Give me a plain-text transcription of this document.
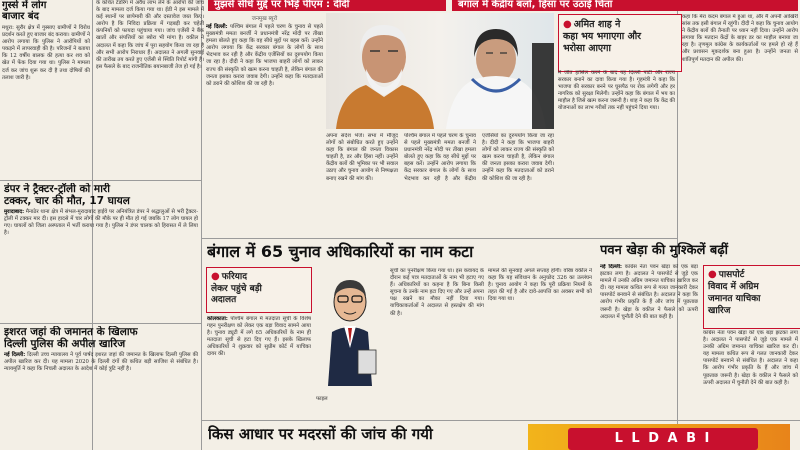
गुस्से में लोग
बाजार बंद

मथुरा: सुरौर क्षेत्र में गुस्साए ग्रामीणों ने विरोध प्रदर्शन करते हुए बाजार बंद कराया। ग्रामीणों ने आरोप लगाया कि पुलिस ने आरोपियों को पकड़ने में लापरवाही की है। परिजनों ने बताया कि 12 वर्षीय बालक की हत्या कर शव को खेत में फेंक दिया गया था। पुलिस ने मामला दर्ज कर जांच शुरू कर दी है तथा दोषियों की तलाश जारी है।

के कथित टेंडरिंग में अवैध लाभ लेने के आरोपों की जांच के बाद मामला दर्ज किया गया था। ईडी ने इस मामले में कई स्थानों पर छापेमारी की और दस्तावेज जब्त किए। आरोप है कि निविदा प्रक्रिया में गड़बड़ी कर चहेती कंपनियों को फायदा पहुंचाया गया। जांच एजेंसी ने बैंक खातों और संपत्तियों का ब्योरा भी मांगा है। वकील ने अदालत में कहा कि जांच में पूरा सहयोग किया जा रहा है और सभी आरोप निराधार हैं। अदालत ने अगली सुनवाई की तारीख तय करते हुए एजेंसी से स्थिति रिपोर्ट मांगी है। इस फैसले के बाद राजनीतिक बयानबाजी तेज हो गई है।

डंपर ने ट्रैक्टर-ट्रॉली को मारी
टक्कर, चार की मौत, 17 घायल

मुरादाबाद: मैनाठेर थाना क्षेत्र में संभल-मुरादाबाद हाईवे पर अनियंत्रित डंपर ने श्रद्धालुओं से भरी ट्रैक्टर-ट्रॉली में टक्कर मार दी। इस हादसे में चार लोगों की मौके पर ही मौत हो गई जबकि 17 लोग घायल हो गए। घायलों को जिला अस्पताल में भर्ती कराया गया है। पुलिस ने डंपर चालक को हिरासत में ले लिया है।

इशरत जहां की जमानत के खिलाफ
दिल्ली पुलिस की अपील खारिज

नई दिल्ली: दिल्ली उच्च न्यायालय ने पूर्व पार्षद इशरत जहां की जमानत के खिलाफ दिल्ली पुलिस की अपील खारिज कर दी। यह मामला 2020 के दिल्ली दंगों की कथित बड़ी साजिश से संबंधित है। न्यायमूर्ति ने कहा कि निचली अदालत के आदेश में कोई त्रुटि नहीं है।

मुझसे सीधे मुद्दे पर भिड़ें पीएम : दीदी	बंगाल में केंद्रीय बलों, हिंसा पर उठाई चिंता
जनमुख ब्यूरो

नई दिल्ली: पश्चिम बंगाल में पहले चरण के चुनाव से पहले मुख्यमंत्री ममता बनर्जी ने प्रधानमंत्री नरेंद्र मोदी पर तीखा हमला बोलते हुए कहा कि वह सीधे मुद्दों पर बहस करें। उन्होंने आरोप लगाया कि केंद्र सरकार बंगाल के लोगों के साथ भेदभाव कर रही है और केंद्रीय एजेंसियों का दुरुपयोग किया जा रहा है। दीदी ने कहा कि भाजपा बाहरी लोगों को लाकर राज्य की संस्कृति को खत्म करना चाहती है, लेकिन बंगाल की जनता इसका करारा जवाब देगी। उन्होंने कहा कि मतदाताओं को डराने की कोशिश की जा रही है।

अपना संदेश भेजें। सभा में मौजूद लोगों को संबोधित करते हुए उन्होंने कहा कि बंगाल की जनता विकास चाहती है, डर और हिंसा नहीं। उन्होंने केंद्रीय बलों की भूमिका पर भी सवाल उठाए और चुनाव आयोग से निष्पक्षता बनाए रखने की मांग की।

पश्चिम बंगाल में पहले चरण के चुनाव से पहले मुख्यमंत्री ममता बनर्जी ने प्रधानमंत्री नरेंद्र मोदी पर तीखा हमला बोलते हुए कहा कि वह सीधे मुद्दों पर बहस करें। उन्होंने आरोप लगाया कि केंद्र सरकार बंगाल के लोगों के साथ भेदभाव कर रही है और केंद्रीय एजेंसियों का दुरुपयोग किया जा रहा है। दीदी ने कहा कि भाजपा बाहरी लोगों को लाकर राज्य की संस्कृति को खत्म करना चाहती है, लेकिन बंगाल की जनता इसका करारा जवाब देगी। उन्होंने कहा कि मतदाताओं को डराने की कोशिश की जा रही है।

● अमित शाह ने
कहा भय भगाएगा और
भरोसा आएगा

में जीत हासिल करने के बाद यह दिल्ली पार्टी और राज्य सरकार बनाने का दावा किया गया है। गृहमंत्री ने कहा कि भाजपा की सरकार बनने पर घुसपैठ पर रोक लगेगी और हर नागरिक को सुरक्षा मिलेगी। उन्होंने कहा कि बंगाल में भय का माहौल है जिसे खत्म करना जरूरी है। शाह ने कहा कि केंद्र की योजनाओं का लाभ गरीबों तक नहीं पहुंचने दिया गया।

कहा कि मेरा कदम बंगाल में हुआ था, और मैं अपनी आखिरी सांस तक इसी बंगाल में रहूंगी। दीदी ने कहा कि चुनाव आयोग ने केंद्रीय बलों की तैनाती पर ध्यान नहीं दिया। उन्होंने आरोप लगाया कि मतदान केंद्रों के बाहर डर का माहौल बनाया जा रहा है। तृणमूल कांग्रेस के कार्यकर्ताओं पर हमले हो रहे हैं और प्रशासन मूकदर्शक बना हुआ है। उन्होंने जनता से शांतिपूर्ण मतदान की अपील की।

बंगाल में 65 चुनाव अधिकारियों का नाम कटा
● फरियाद
लेकर पहुंचे बड़ी
अदालत

कोलकाता: पश्चिम बंगाल में मतदाता सूची के विशेष गहन पुनरीक्षण को लेकर एक बड़ा विवाद सामने आया है। चुनाव ड्यूटी में लगे 65 अधिकारियों के नाम ही मतदाता सूची से हटा दिए गए हैं। इसके खिलाफ अधिकारियों ने शुक्रवार को सुप्रीम कोर्ट में याचिका दायर की।

फाइल

सूची का पुनरीक्षण किया गया था। इस कवायद के दौरान कई पात्र मतदाताओं के नाम भी हटाए गए हैं। अधिकारियों का कहना है कि बिना किसी सूचना के उनके नाम हटा दिए गए और उन्हें अपना पक्ष रखने का मौका नहीं दिया गया। याचिकाकर्ताओं ने अदालत से हस्तक्षेप की मांग की है।

मामले की सुनवाई अगले सप्ताह होगी। वरिष्ठ वकील ने कहा कि यह संविधान के अनुच्छेद 326 का उल्लंघन है। चुनाव आयोग ने कहा कि पूरी प्रक्रिया नियमों के तहत की गई है और दावे-आपत्ति का अवसर सभी को दिया गया था।

पवन खेड़ा की मुश्किलें बढ़ीं

नई दिल्ली: कांग्रेस नेता पवन खेड़ा को एक बड़ा झटका लगा है। अदालत ने पासपोर्ट से जुड़े एक मामले में उनकी अग्रिम जमानत याचिका खारिज कर दी। यह मामला कथित रूप से गलत जानकारी देकर पासपोर्ट बनवाने से संबंधित है। अदालत ने कहा कि आरोप गंभीर प्रकृति के हैं और जांच में पूछताछ जरूरी है। खेड़ा के वकील ने फैसले को ऊपरी अदालत में चुनौती देने की बात कही है।

● पासपोर्ट
विवाद में अग्रिम
जमानत याचिका
खारिज

कांग्रेस नेता पवन खेड़ा को एक बड़ा झटका लगा है। अदालत ने पासपोर्ट से जुड़े एक मामले में उनकी अग्रिम जमानत याचिका खारिज कर दी। यह मामला कथित रूप से गलत जानकारी देकर पासपोर्ट बनवाने से संबंधित है। अदालत ने कहा कि आरोप गंभीर प्रकृति के हैं और जांच में पूछताछ जरूरी है। खेड़ा के वकील ने फैसले को ऊपरी अदालत में चुनौती देने की बात कही है।

किस आधार पर मदरसों की जांच की गयी	L L D A B I
